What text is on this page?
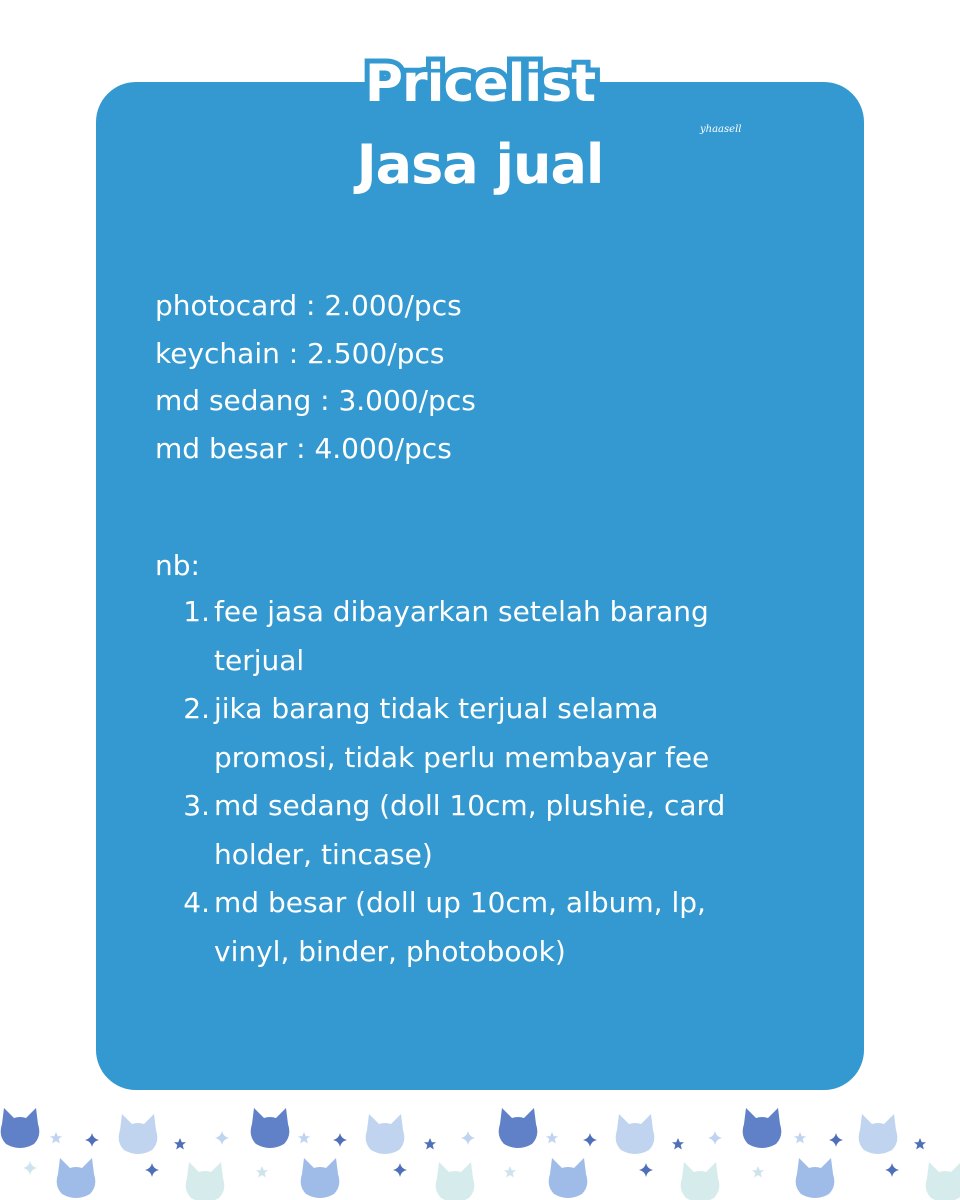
Pricelist
Jasa jual
yhaasell
photocard : 2.000/pcs
keychain : 2.500/pcs
md sedang : 3.000/pcs
md besar : 4.000/pcs
nb:
1. fee jasa dibayarkan setelah barang terjual
2. jika barang tidak terjual selama promosi, tidak perlu membayar fee
3. md sedang (doll 10cm, plushie, card holder, tincase)
4. md besar (doll up 10cm, album, lp, vinyl, binder, photobook)
